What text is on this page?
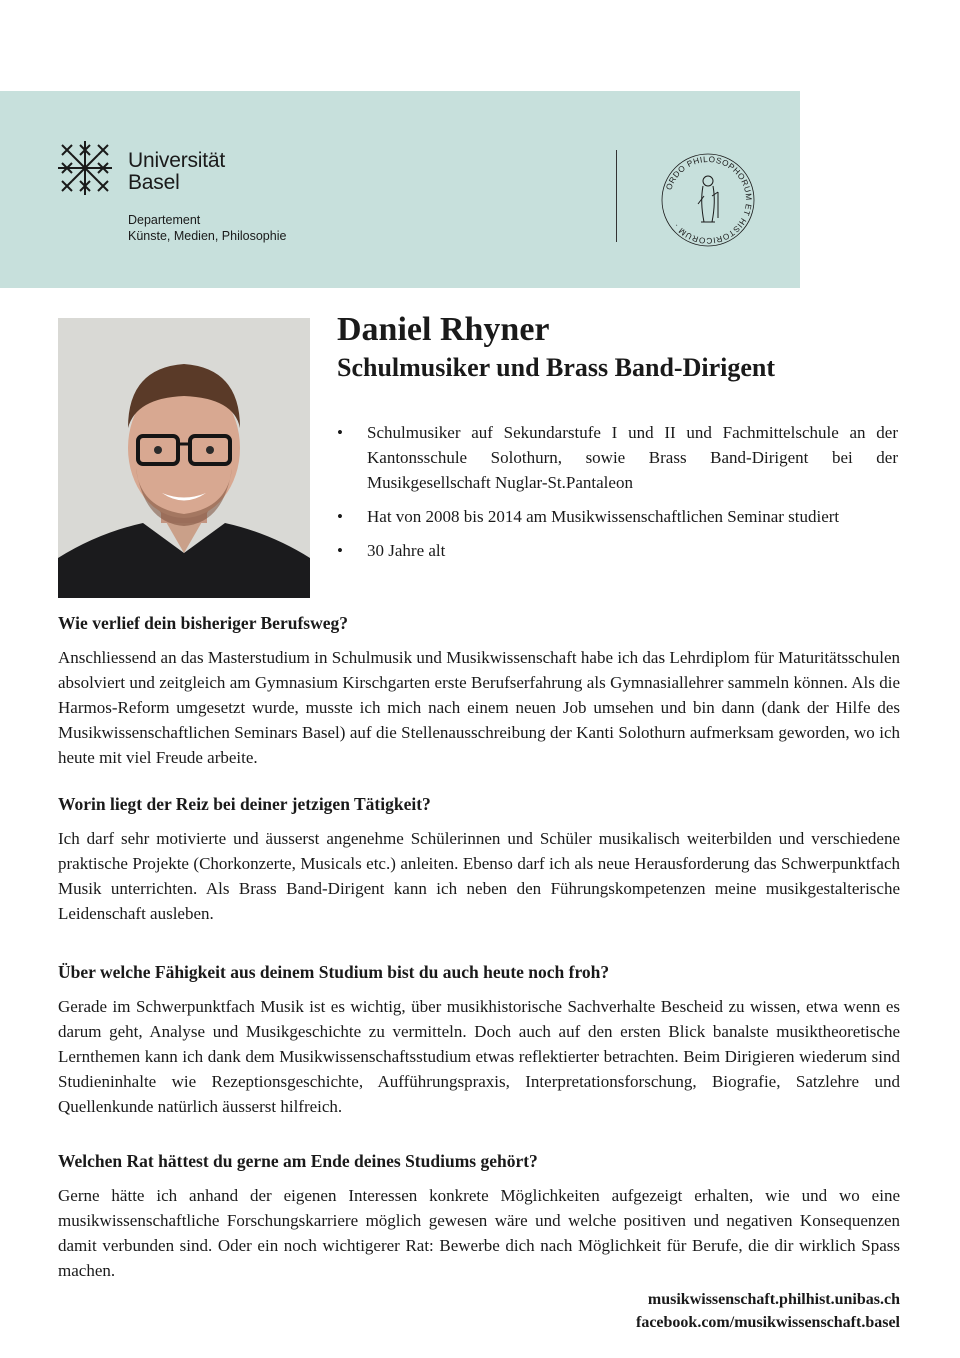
Universität
Basel
Departement
Künste, Medien, Philosophie
ORDO PHILOSOPHORUM ET HISTORICORUM ·
Daniel Rhyner
Schulmusiker und Brass Band-Dirigent
• Schulmusiker auf Sekundarstufe I und II und Fachmittelschule an der Kantonsschule Solothurn, sowie Brass Band-Dirigent bei der Musikgesellschaft Nuglar-St.Pantaleon
• Hat von 2008 bis 2014 am Musikwissenschaftlichen Seminar studiert
• 30 Jahre alt
Wie verlief dein bisheriger Berufsweg?

Anschliessend an das Masterstudium in Schulmusik und Musikwissenschaft habe ich das Lehrdiplom für Maturitätsschulen absolviert und zeitgleich am Gymnasium Kirschgarten erste Berufserfahrung als Gymnasiallehrer sammeln können. Als die Harmos-Reform umgesetzt wurde, musste ich mich nach einem neuen Job umsehen und bin dann (dank der Hilfe des Musikwissenschaftlichen Seminars Basel) auf die Stellenausschreibung der Kanti Solothurn aufmerksam geworden, wo ich heute mit viel Freude arbeite.

Worin liegt der Reiz bei deiner jetzigen Tätigkeit?

Ich darf sehr motivierte und äusserst angenehme Schülerinnen und Schüler musikalisch weiterbilden und verschiedene praktische Projekte (Chorkonzerte, Musicals etc.) anleiten. Ebenso darf ich als neue Herausforderung das Schwerpunktfach Musik unterrichten. Als Brass Band-Dirigent kann ich neben den Führungskompetenzen meine musikgestalterische Leidenschaft ausleben.

Über welche Fähigkeit aus deinem Studium bist du auch heute noch froh?

Gerade im Schwerpunktfach Musik ist es wichtig, über musikhistorische Sachverhalte Bescheid zu wissen, etwa wenn es darum geht, Analyse und Musikgeschichte zu vermitteln. Doch auch auf den ersten Blick banalste musiktheoretische Lernthemen kann ich dank dem Musikwissenschaftsstudium etwas reflektierter betrachten. Beim Dirigieren wiederum sind Studieninhalte wie Rezeptionsgeschichte, Aufführungspraxis, Interpretationsforschung, Biografie, Satzlehre und Quellenkunde natürlich äusserst hilfreich.

Welchen Rat hättest du gerne am Ende deines Studiums gehört?

Gerne hätte ich anhand der eigenen Interessen konkrete Möglichkeiten aufgezeigt erhalten, wie und wo eine musikwissenschaftliche Forschungskarriere möglich gewesen wäre und welche positiven und negativen Konsequenzen damit verbunden sind. Oder ein noch wichtigerer Rat: Bewerbe dich nach Möglichkeit für Berufe, die dir wirklich Spass machen.

musikwissenschaft.philhist.unibas.ch
facebook.com/musikwissenschaft.basel
